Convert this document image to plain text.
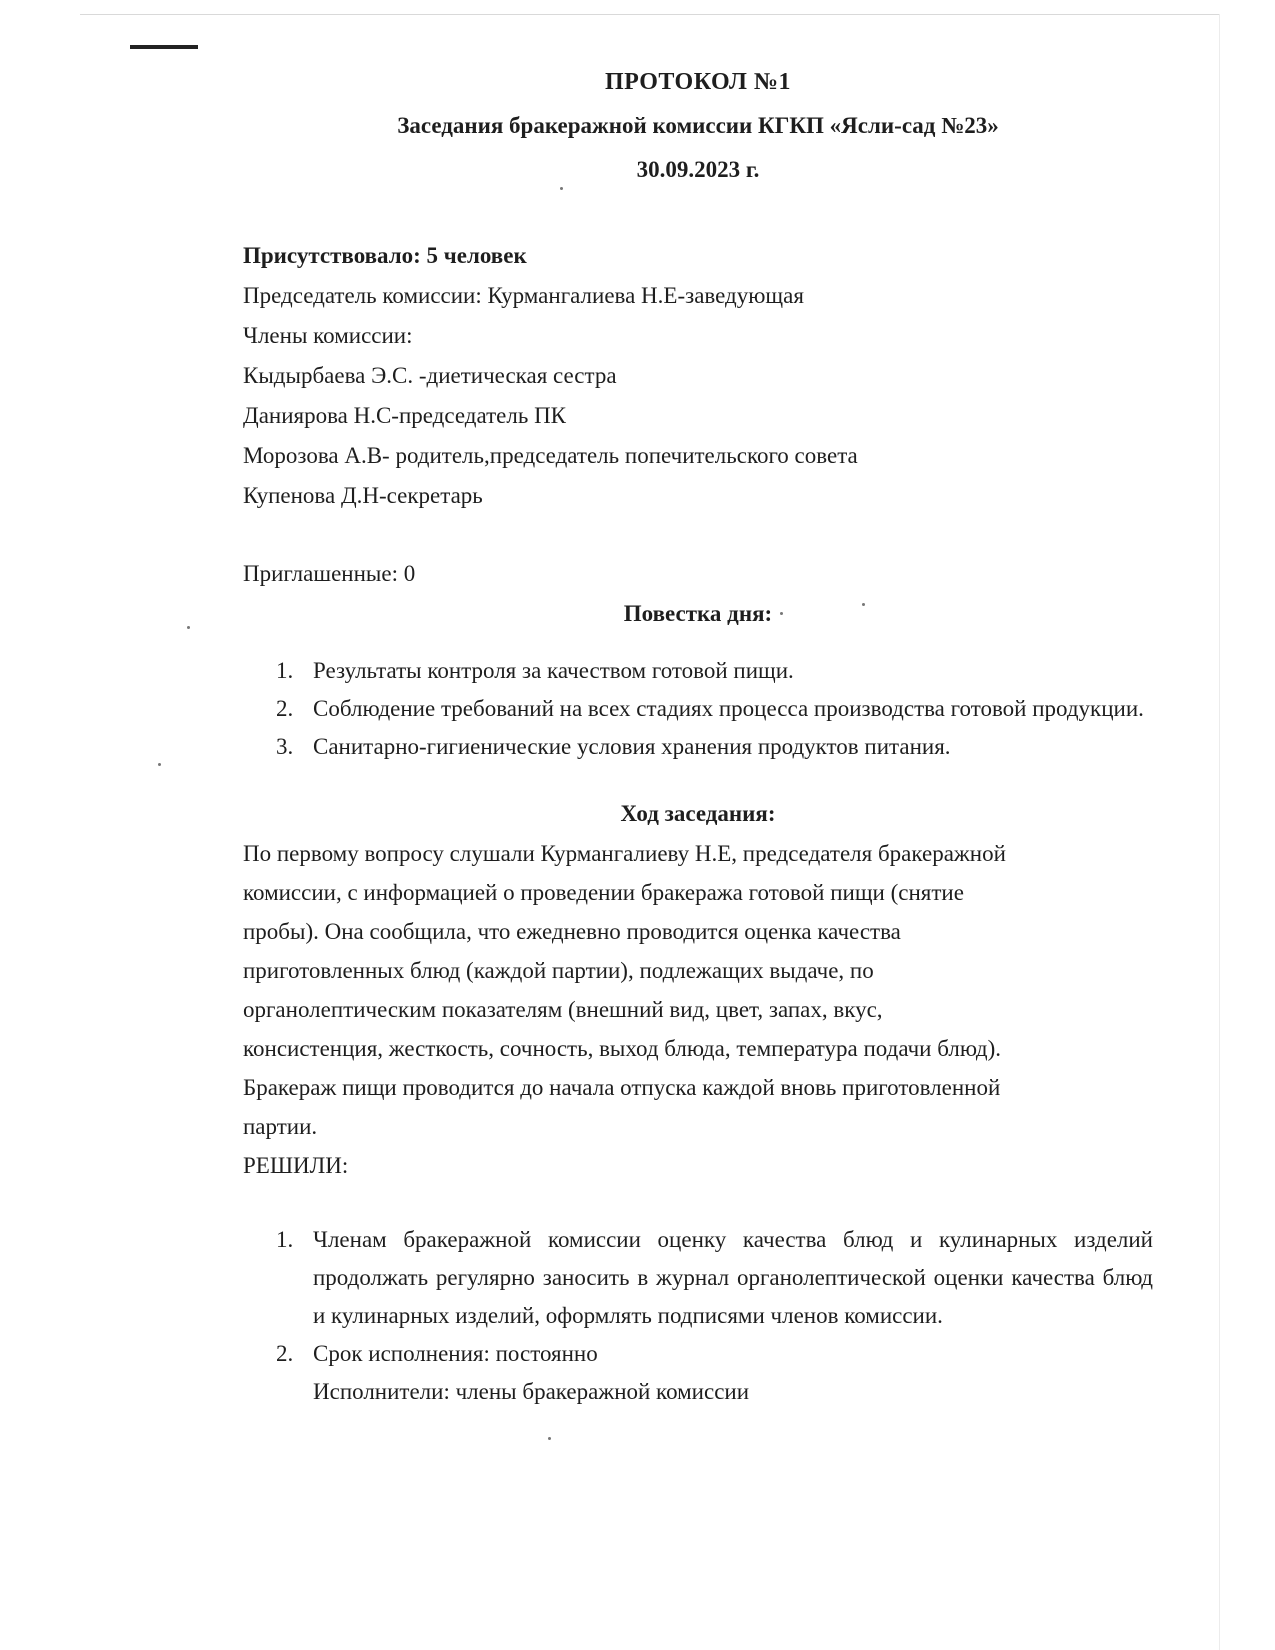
ПРОТОКОЛ №1

Заседания бракеражной комиссии КГКП «Ясли-сад №23»

30.09.2023 г.

Присутствовало: 5 человек

Председатель комиссии: Курмангалиева Н.Е-заведующая

Члены комиссии:

Кыдырбаева Э.С. -диетическая сестра

Даниярова Н.С-председатель ПК

Морозова А.В- родитель,председатель попечительского совета

Купенова Д.Н-секретарь

Приглашенные: 0

Повестка дня:

1. Результаты контроля за качеством готовой пищи.
2. Соблюдение требований на всех стадиях процесса производства готовой продукции.
3. Санитарно-гигиенические условия хранения продуктов питания.

Ход заседания:

По первому вопросу слушали Курмангалиеву Н.Е, председателя бракеражной

комиссии, с информацией о проведении бракеража готовой пищи (снятие

пробы). Она сообщила, что ежедневно проводится оценка качества

приготовленных блюд (каждой партии), подлежащих выдаче, по

органолептическим показателям (внешний вид, цвет, запах, вкус,

консистенция, жесткость, сочность, выход блюда, температура подачи блюд).

Бракераж пищи проводится до начала отпуска каждой вновь приготовленной

партии.

РЕШИЛИ:

1. Членам бракеражной комиссии оценку качества блюд и кулинарных изделий продолжать регулярно заносить в журнал органолептической оценки качества блюд и кулинарных изделий, оформлять подписями членов комиссии.
2. Срок исполнения: постоянно

Исполнители: члены бракеражной комиссии
